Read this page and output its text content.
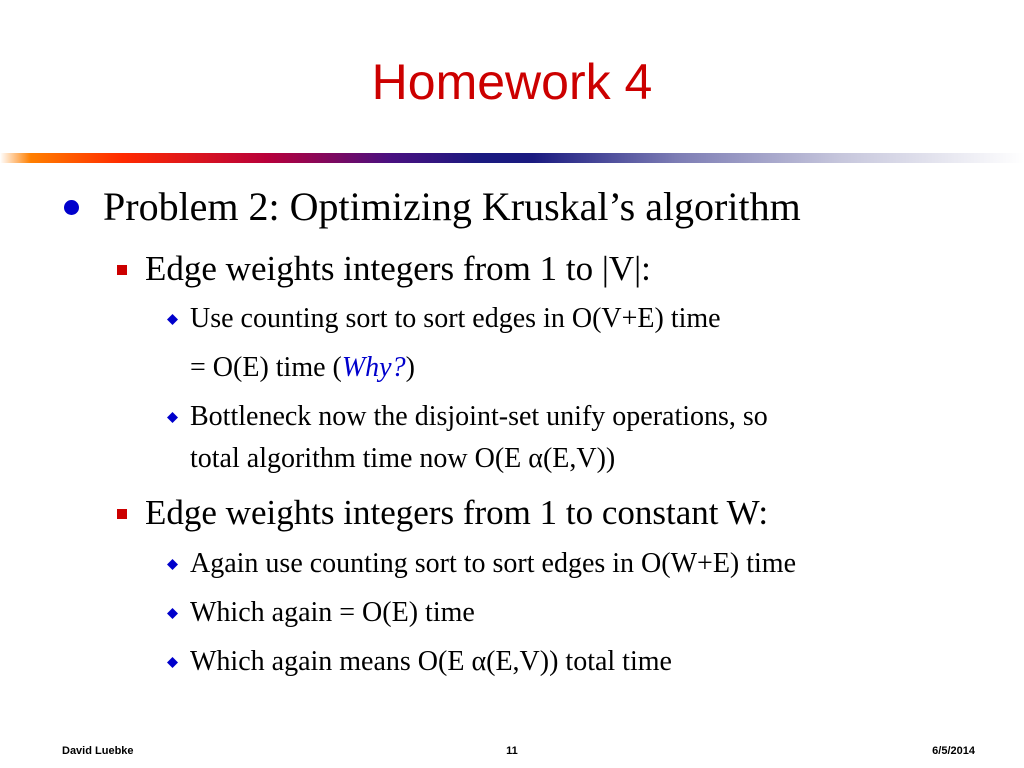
Homework 4
Problem 2: Optimizing Kruskal’s algorithm
Edge weights integers from 1 to |V|:
Use counting sort to sort edges in O(V+E) time
= O(E) time (Why?)
Bottleneck now the disjoint-set unify operations, so
total algorithm time now O(E α(E,V))
Edge weights integers from 1 to constant W:
Again use counting sort to sort edges in O(W+E) time
Which again = O(E) time
Which again means O(E α(E,V)) total time
David Luebke	11	6/5/2014
